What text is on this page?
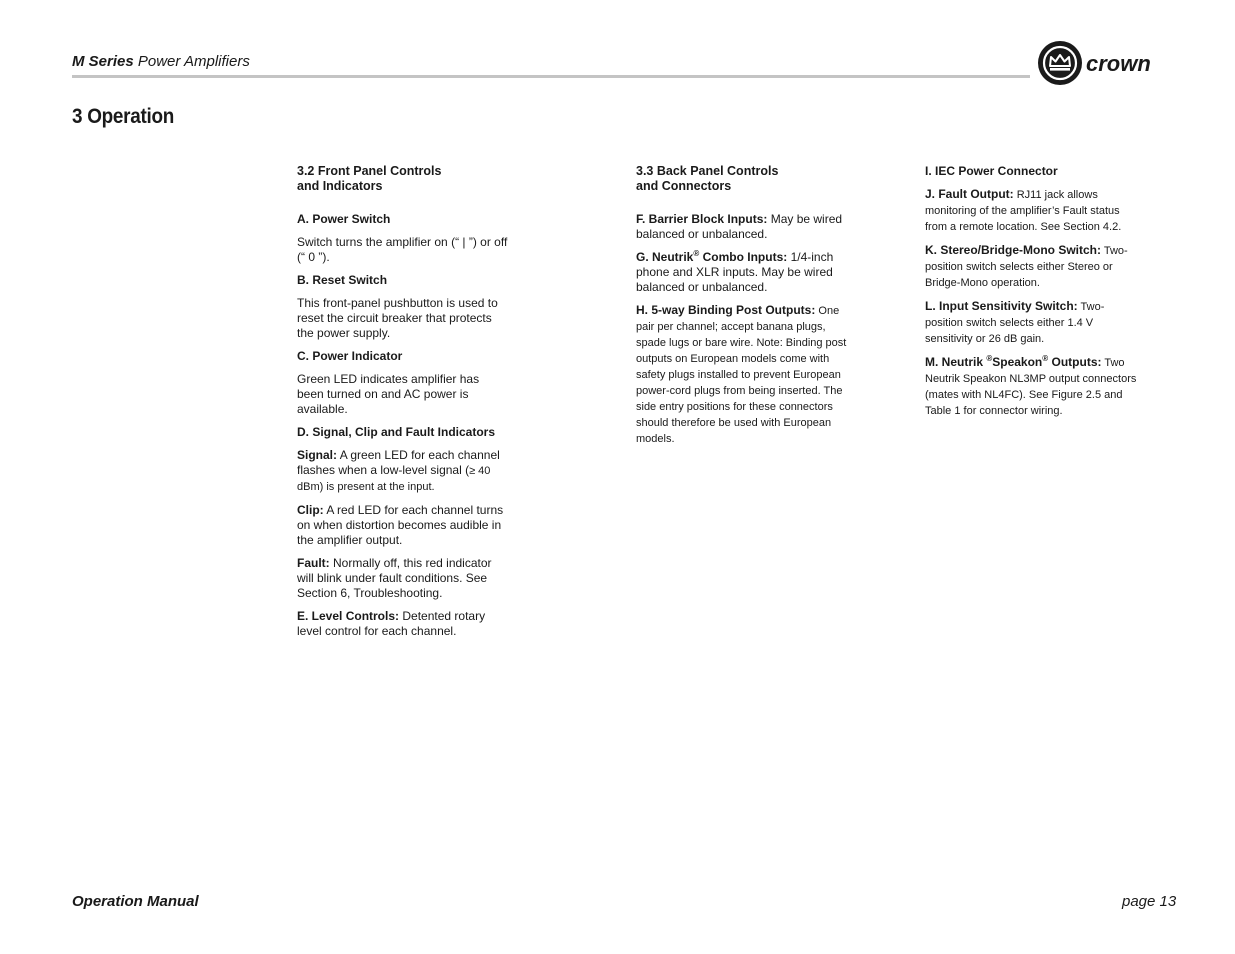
M Series Power Amplifiers	crown
3 Operation

3.2 Front Panel Controls
and Indicators

A. Power Switch

Switch turns the amplifier on (“ | ”) or off (“ 0 ”).

B. Reset Switch

This front-panel pushbutton is used to reset the circuit breaker that protects the power supply.

C. Power Indicator

Green LED indicates amplifier has been turned on and AC power is available.

D. Signal, Clip and Fault Indicators

Signal: A green LED for each channel flashes when a low-level signal (≥ 40 dBm) is present at the input.

Clip: A red LED for each channel turns on when distortion becomes audible in the amplifier output.

Fault: Normally off, this red indicator will blink under fault conditions. See Section 6, Troubleshooting.

E. Level Controls: Detented rotary level control for each channel.

3.3 Back Panel Controls
and Connectors

F. Barrier Block Inputs: May be wired balanced or unbalanced.

G. Neutrik® Combo Inputs: 1/4-inch phone and XLR inputs. May be wired balanced or unbalanced.

H. 5-way Binding Post Outputs: One pair per channel; accept banana plugs, spade lugs or bare wire. Note: Binding post outputs on European models come with safety plugs installed to prevent European power-cord plugs from being inserted. The side entry positions for these connectors should therefore be used with European models.

I. IEC Power Connector

J. Fault Output: RJ11 jack allows monitoring of the amplifier’s Fault status from a remote location. See Section 4.2.

K. Stereo/Bridge-Mono Switch: Two-position switch selects either Stereo or Bridge-Mono operation.

L. Input Sensitivity Switch: Two-position switch selects either 1.4 V sensitivity or 26 dB gain.

M. Neutrik ®Speakon® Outputs: Two Neutrik Speakon NL3MP output connectors (mates with NL4FC). See Figure 2.5 and Table 1 for connector wiring.

Operation Manual	page 13
